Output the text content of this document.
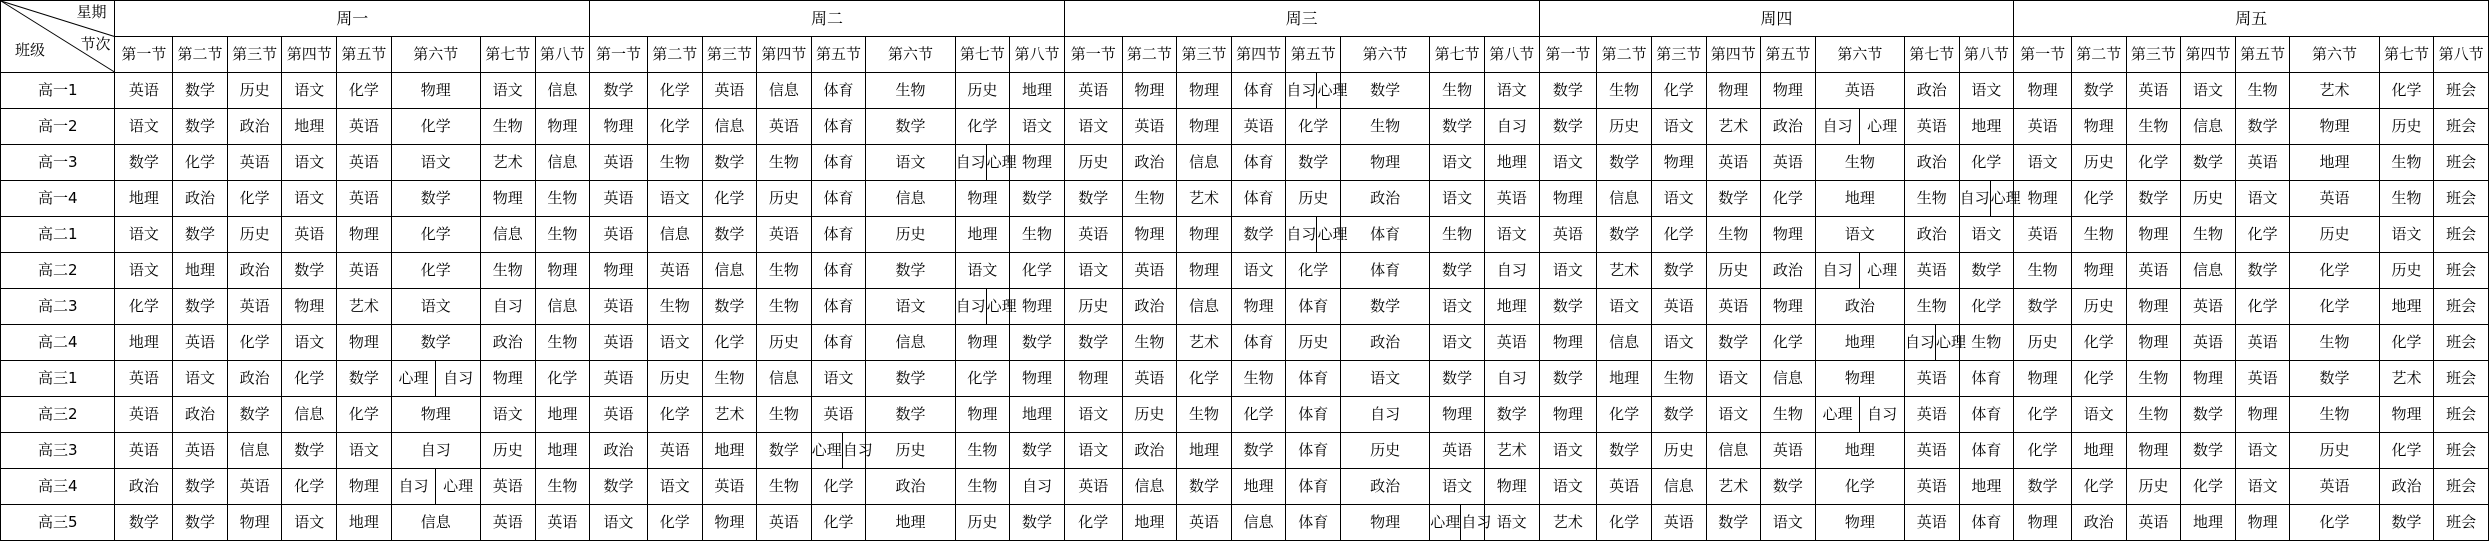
星期
节次
班级	周一								周二								周三								周四								周五							
	第一节	第二节	第三节	第四节	第五节	第六节	第七节	第八节	第一节	第二节	第三节	第四节	第五节	第六节	第七节	第八节	第一节	第二节	第三节	第四节	第五节	第六节	第七节	第八节	第一节	第二节	第三节	第四节	第五节	第六节	第七节	第八节	第一节	第二节	第三节	第四节	第五节	第六节	第七节	第八节
高一1	英语	数学	历史	语文	化学	物理	语文	信息	数学	化学	英语	信息	体育	生物	历史	地理	英语	物理	物理	体育	自习 心理	数学	生物	语文	数学	生物	化学	物理	物理	英语	政治	语文	物理	数学	英语	语文	生物	艺术	化学	班会
高一2	语文	数学	政治	地理	英语	化学	生物	物理	物理	化学	信息	英语	体育	数学	化学	语文	语文	英语	物理	英语	化学	生物	数学	自习	数学	历史	语文	艺术	政治	自习 心理	英语	地理	英语	物理	生物	信息	数学	物理	历史	班会
高一3	数学	化学	英语	语文	英语	语文	艺术	信息	英语	生物	数学	生物	体育	语文	自习 心理	物理	历史	政治	信息	体育	数学	物理	语文	地理	语文	数学	物理	英语	英语	生物	政治	化学	语文	历史	化学	数学	英语	地理	生物	班会
高一4	地理	政治	化学	语文	英语	数学	物理	生物	英语	语文	化学	历史	体育	信息	物理	数学	数学	生物	艺术	体育	历史	政治	语文	英语	物理	信息	语文	数学	化学	地理	生物	自习 心理	物理	化学	数学	历史	语文	英语	生物	班会
高二1	语文	数学	历史	英语	物理	化学	信息	生物	英语	信息	数学	英语	体育	历史	地理	生物	英语	物理	物理	数学	自习 心理	体育	生物	语文	英语	数学	化学	生物	物理	语文	政治	语文	英语	生物	物理	生物	化学	历史	语文	班会
高二2	语文	地理	政治	数学	英语	化学	生物	物理	物理	英语	信息	生物	体育	数学	语文	化学	语文	英语	物理	语文	化学	体育	数学	自习	语文	艺术	数学	历史	政治	自习 心理	英语	数学	生物	物理	英语	信息	数学	化学	历史	班会
高二3	化学	数学	英语	物理	艺术	语文	自习	信息	英语	生物	数学	生物	体育	语文	自习 心理	物理	历史	政治	信息	物理	体育	数学	语文	地理	数学	语文	英语	英语	物理	政治	生物	化学	数学	历史	物理	英语	化学	化学	地理	班会
高二4	地理	英语	化学	语文	物理	数学	政治	生物	英语	语文	化学	历史	体育	信息	物理	数学	数学	生物	艺术	体育	历史	政治	语文	英语	物理	信息	语文	数学	化学	地理	自习 心理	生物	历史	化学	物理	英语	英语	生物	化学	班会
高三1	英语	语文	政治	化学	数学	心理 自习	物理	化学	英语	历史	生物	信息	语文	数学	化学	物理	物理	英语	化学	生物	体育	语文	数学	自习	数学	地理	生物	语文	信息	物理	英语	体育	物理	化学	生物	物理	英语	数学	艺术	班会
高三2	英语	政治	数学	信息	化学	物理	语文	地理	英语	化学	艺术	生物	英语	数学	物理	地理	语文	历史	生物	化学	体育	自习	物理	数学	物理	化学	数学	语文	生物	心理 自习	英语	体育	化学	语文	生物	数学	物理	生物	物理	班会
高三3	英语	英语	信息	数学	语文	自习	历史	地理	政治	英语	地理	数学	心理 自习	历史	生物	数学	语文	政治	地理	数学	体育	历史	英语	艺术	语文	数学	历史	信息	英语	地理	英语	体育	化学	地理	物理	数学	语文	历史	化学	班会
高三4	政治	数学	英语	化学	物理	自习 心理	英语	生物	数学	语文	英语	生物	化学	政治	生物	自习	英语	信息	数学	地理	体育	政治	语文	物理	语文	英语	信息	艺术	数学	化学	英语	地理	数学	化学	历史	化学	语文	英语	政治	班会
高三5	数学	数学	物理	语文	地理	信息	英语	英语	语文	化学	物理	英语	化学	地理	历史	数学	化学	地理	英语	信息	体育	物理	心理 自习	语文	艺术	化学	英语	数学	语文	物理	英语	体育	物理	政治	英语	地理	物理	化学	数学	班会
